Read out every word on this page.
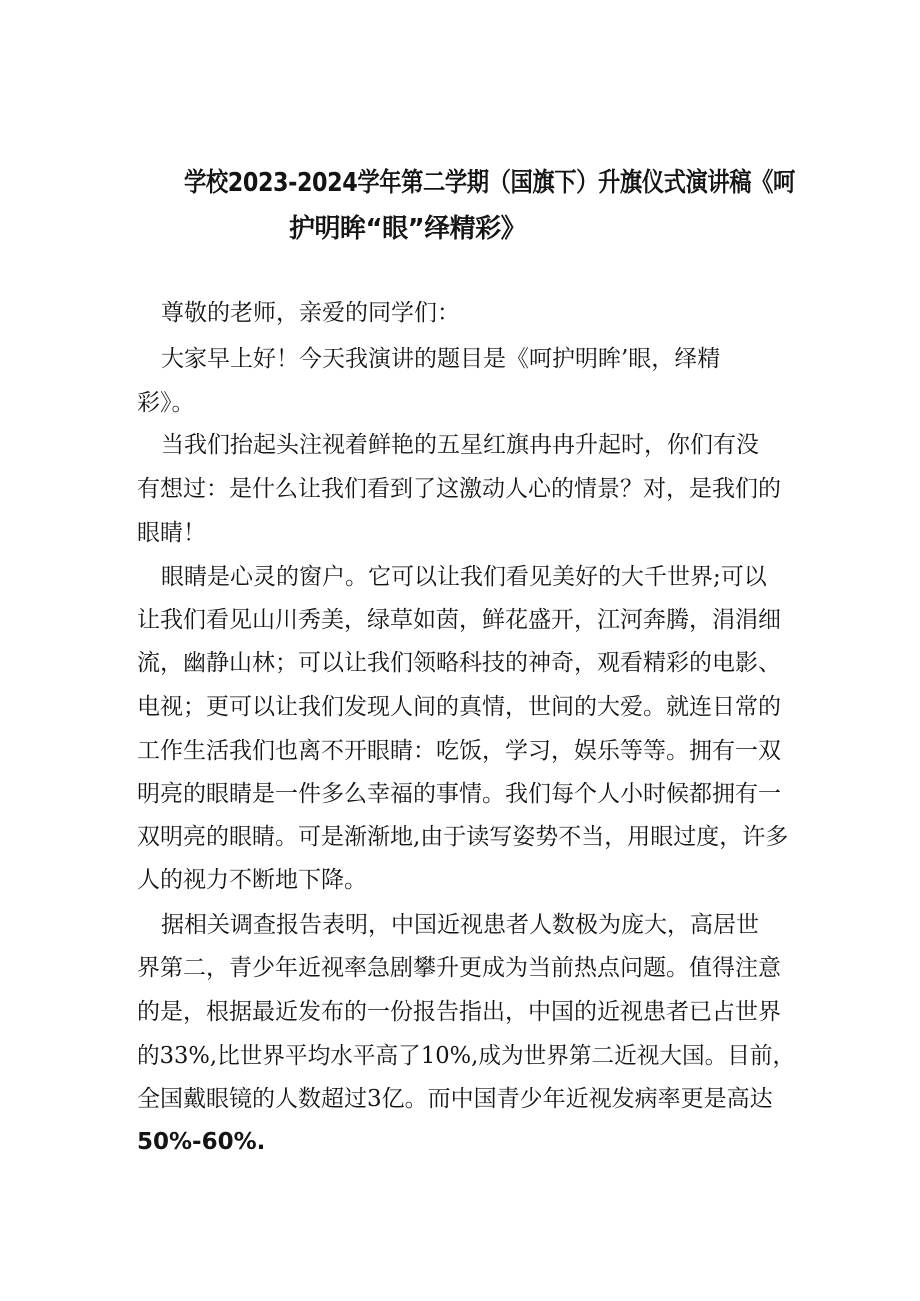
学校2023-2024学年第二学期（国旗下）升旗仪式演讲稿《呵
护明眸“眼”绎精彩》
尊敬的老师，亲爱的同学们：
大家早上好！今天我演讲的题目是《呵护明眸’眼，绎精
彩》。
当我们抬起头注视着鲜艳的五星红旗冉冉升起时，你们有没
有想过：是什么让我们看到了这激动人心的情景？对，是我们的
眼睛！
眼睛是心灵的窗户。它可以让我们看见美好的大千世界;可以
让我们看见山川秀美，绿草如茵，鲜花盛开，江河奔腾，涓涓细
流，幽静山林；可以让我们领略科技的神奇，观看精彩的电影、
电视；更可以让我们发现人间的真情，世间的大爱。就连日常的
工作生活我们也离不开眼睛：吃饭，学习，娱乐等等。拥有一双
明亮的眼睛是一件多么幸福的事情。我们每个人小时候都拥有一
双明亮的眼睛。可是渐渐地,由于读写姿势不当，用眼过度，许多
人的视力不断地下降。
据相关调查报告表明，中国近视患者人数极为庞大，高居世
界第二，青少年近视率急剧攀升更成为当前热点问题。值得注意
的是，根据最近发布的一份报告指出，中国的近视患者已占世界
的33%,比世界平均水平高了10%,成为世界第二近视大国。目前，
全国戴眼镜的人数超过3亿。而中国青少年近视发病率更是高达
50%-60%.
